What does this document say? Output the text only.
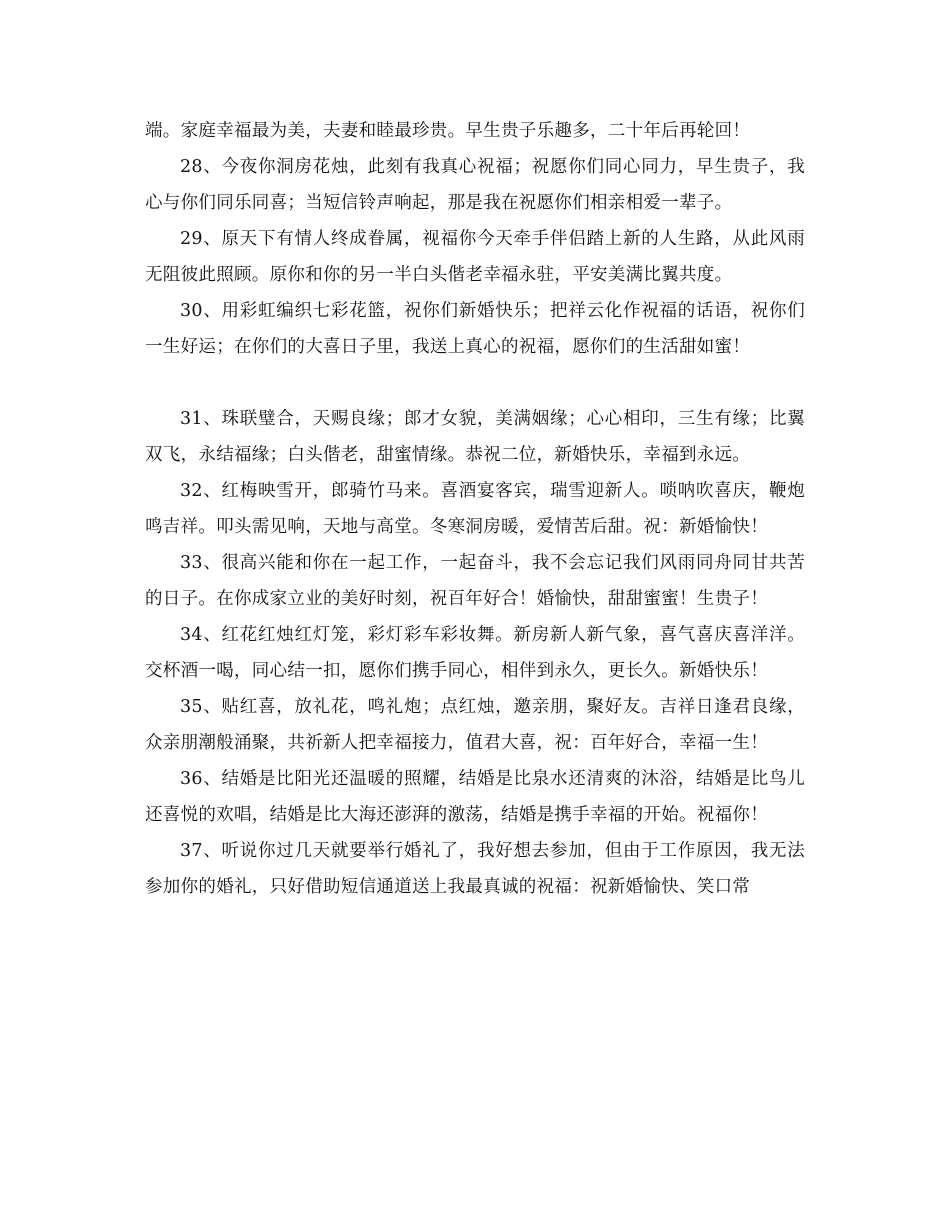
端。家庭幸福最为美，夫妻和睦最珍贵。早生贵子乐趣多，二十年后再轮回！

28、今夜你洞房花烛，此刻有我真心祝福；祝愿你们同心同力，早生贵子，我心与你们同乐同喜；当短信铃声响起，那是我在祝愿你们相亲相爱一辈子。

29、原天下有情人终成眷属，视福你今天牵手伴侣踏上新的人生路，从此风雨无阻彼此照顾。原你和你的另一半白头偕老幸福永驻，平安美满比翼共度。

30、用彩虹编织七彩花篮，祝你们新婚快乐；把祥云化作祝福的话语，祝你们一生好运；在你们的大喜日子里，我送上真心的祝福，愿你们的生活甜如蜜！

31、珠联璧合，天赐良缘；郎才女貌，美满姻缘；心心相印，三生有缘；比翼双飞，永结福缘；白头偕老，甜蜜情缘。恭祝二位，新婚快乐，幸福到永远。

32、红梅映雪开，郎骑竹马来。喜酒宴客宾，瑞雪迎新人。唢呐吹喜庆，鞭炮鸣吉祥。叩头需见响，天地与高堂。冬寒洞房暖，爱情苦后甜。祝：新婚愉快！

33、很高兴能和你在一起工作，一起奋斗，我不会忘记我们风雨同舟同甘共苦的日子。在你成家立业的美好时刻，祝百年好合！婚愉快，甜甜蜜蜜！生贵子！

34、红花红烛红灯笼，彩灯彩车彩妆舞。新房新人新气象，喜气喜庆喜洋洋。交杯酒一喝，同心结一扣，愿你们携手同心，相伴到永久，更长久。新婚快乐！

35、贴红喜，放礼花，鸣礼炮；点红烛，邀亲朋，聚好友。吉祥日逢君良缘，众亲朋潮般涌聚，共祈新人把幸福接力，值君大喜，祝：百年好合，幸福一生！

36、结婚是比阳光还温暖的照耀，结婚是比泉水还清爽的沐浴，结婚是比鸟儿还喜悦的欢唱，结婚是比大海还澎湃的激荡，结婚是携手幸福的开始。祝福你！

37、听说你过几天就要举行婚礼了，我好想去参加，但由于工作原因，我无法参加你的婚礼，只好借助短信通道送上我最真诚的祝福：祝新婚愉快、笑口常
